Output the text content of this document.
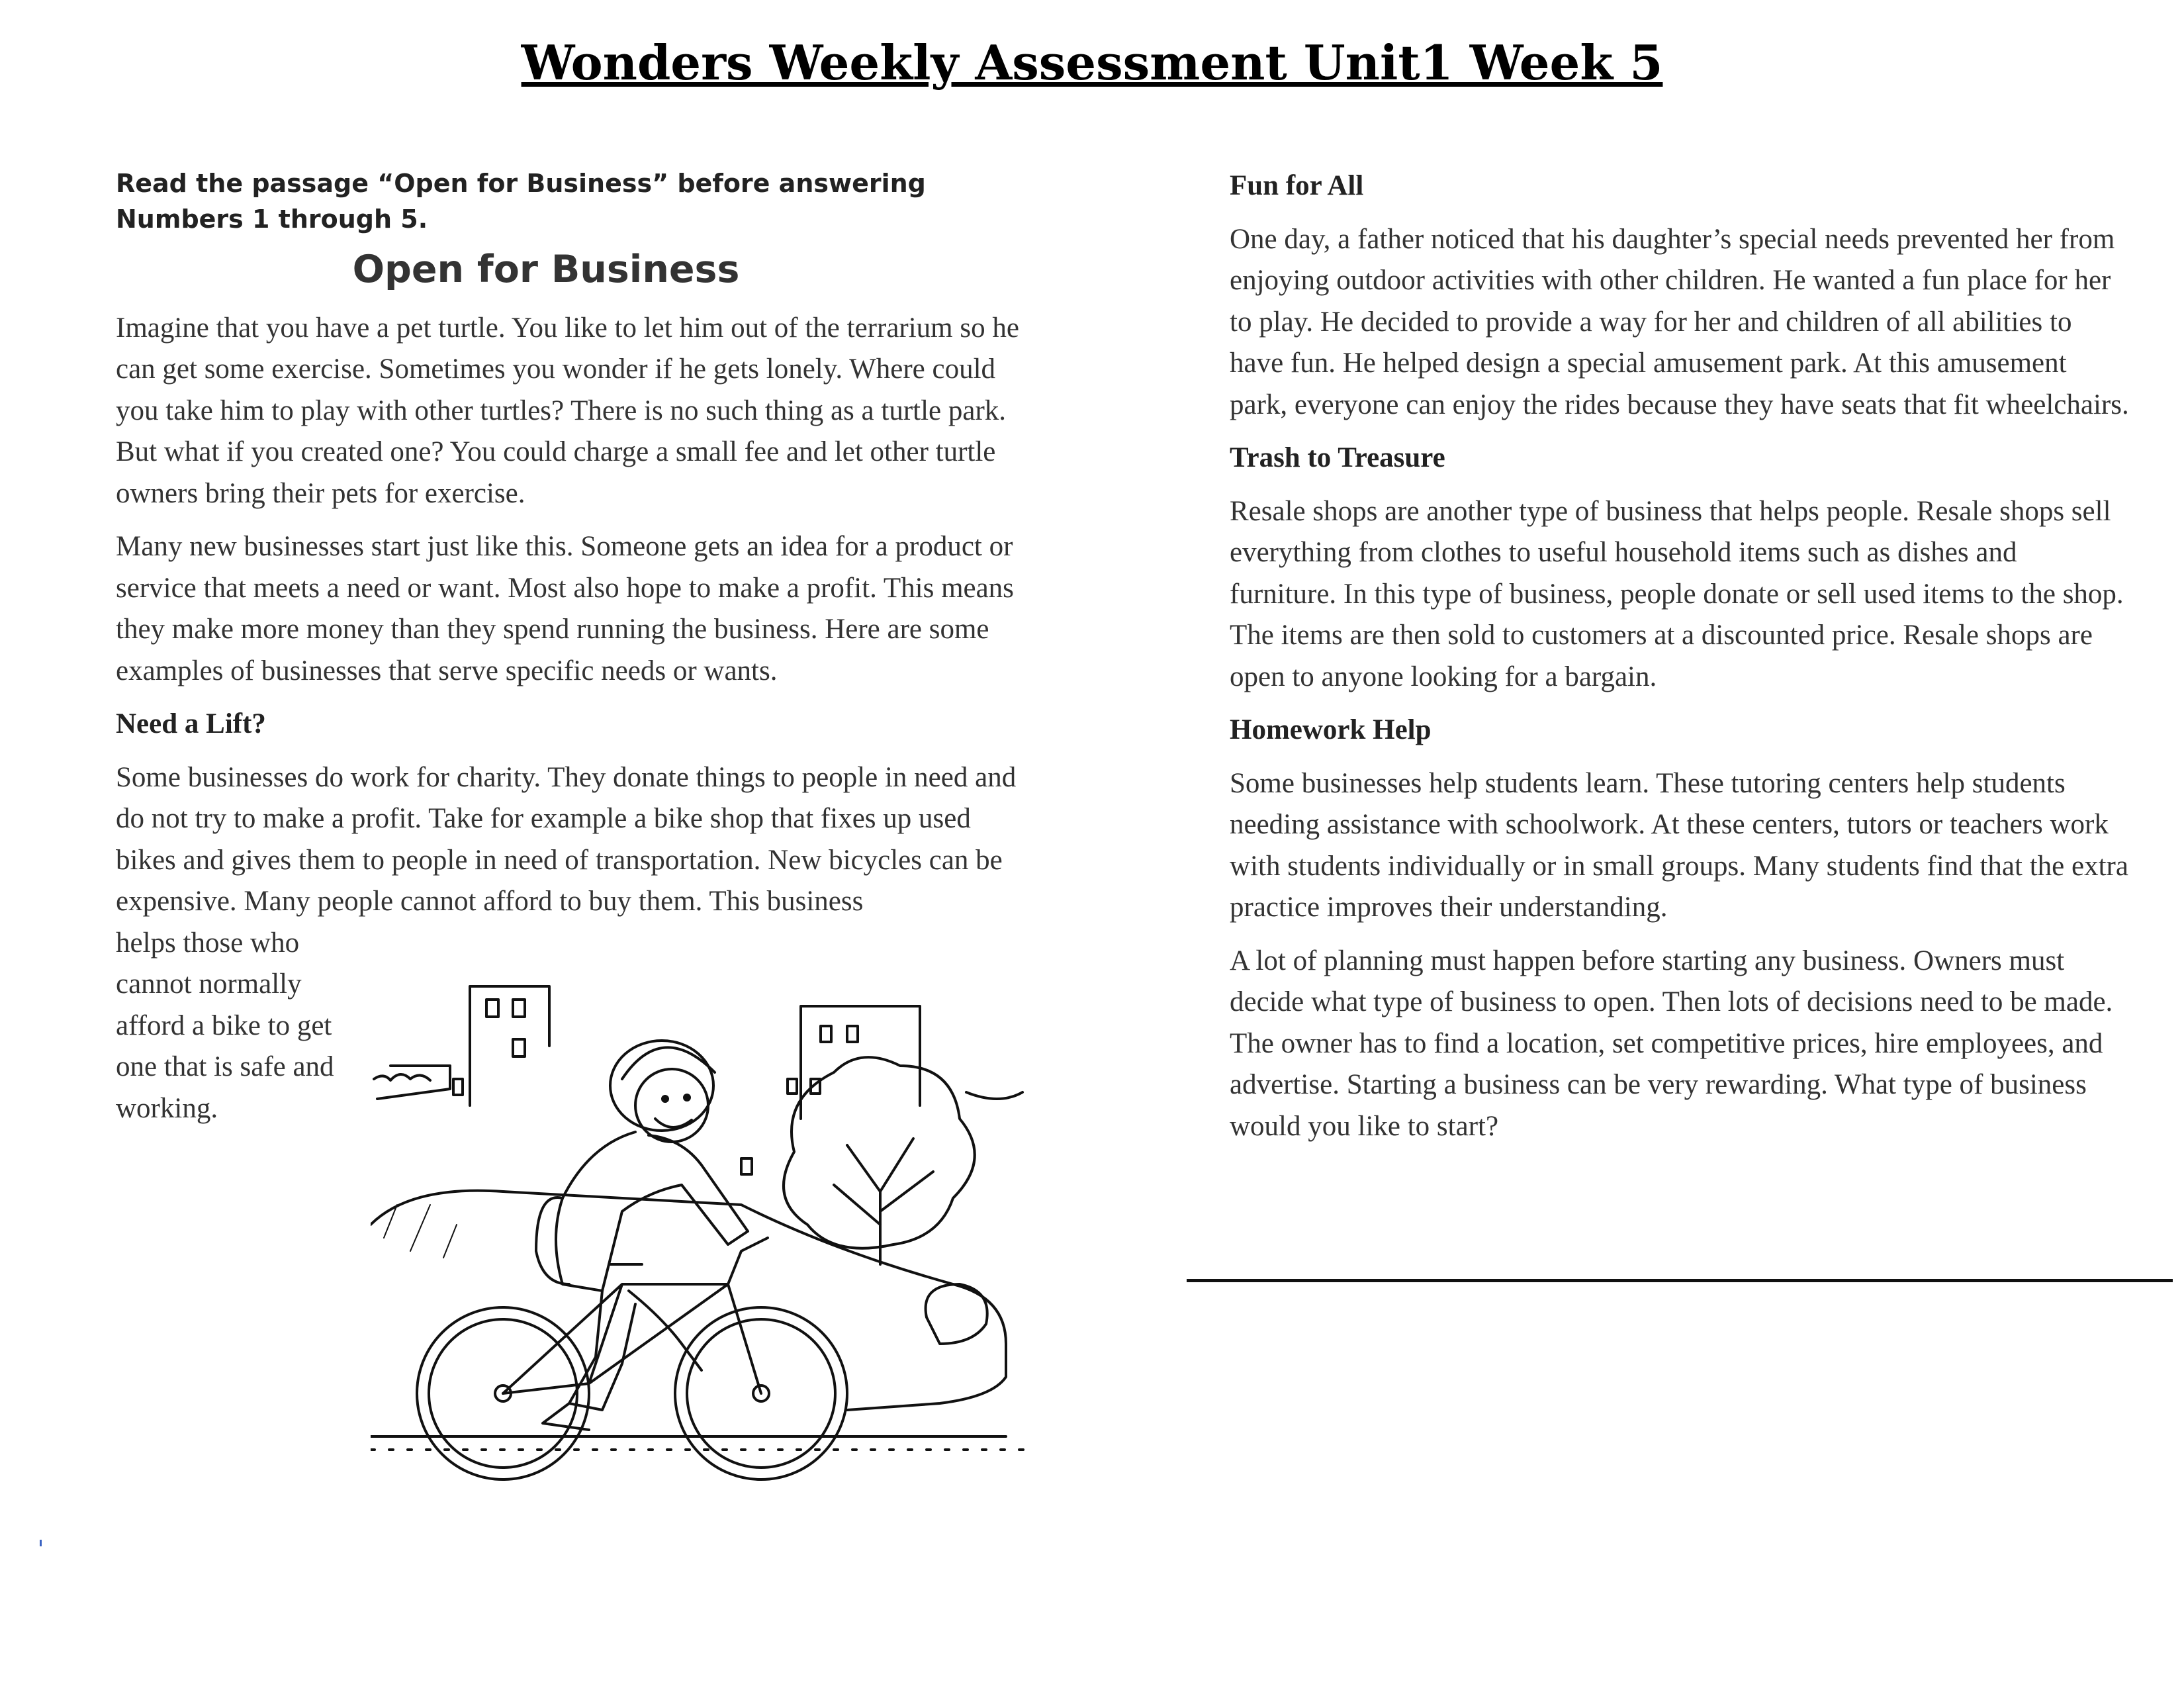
Wonders Weekly Assessment Unit1 Week 5

Read the passage “Open for Business” before answering Numbers 1 through 5.

Open for Business

Imagine that you have a pet turtle. You like to let him out of the terrarium so he can get some exercise. Sometimes you wonder if he gets lonely. Where could you take him to play with other turtles? There is no such thing as a turtle park. But what if you created one? You could charge a small fee and let other turtle owners bring their pets for exercise.

Many new businesses start just like this. Someone gets an idea for a product or service that meets a need or want. Most also hope to make a profit. This means they make more money than they spend running the business. Here are some examples of businesses that serve specific needs or wants.

Need a Lift?

Some businesses do work for charity. They donate things to people in need and do not try to make a profit. Take for example a bike shop that fixes up used bikes and gives them to people in need of transportation. New bicycles can be expensive. Many people cannot afford to buy them. This business

helps those who cannot normally afford a bike to get one that is safe and working.

Fun for All

One day, a father noticed that his daughter’s special needs prevented her from enjoying outdoor activities with other children. He wanted a fun place for her to play. He decided to provide a way for her and children of all abilities to have fun. He helped design a special amusement park. At this amusement park, everyone can enjoy the rides because they have seats that fit wheelchairs.

Trash to Treasure

Resale shops are another type of business that helps people. Resale shops sell everything from clothes to useful household items such as dishes and furniture. In this type of business, people donate or sell used items to the shop. The items are then sold to customers at a discounted price. Resale shops are open to anyone looking for a bargain.

Homework Help

Some businesses help students learn. These tutoring centers help students needing assistance with schoolwork. At these centers, tutors or teachers work with students individually or in small groups. Many students find that the extra practice improves their understanding.

A lot of planning must happen before starting any business. Owners must decide what type of business to open. Then lots of decisions need to be made. The owner has to find a location, set competitive prices, hire employees, and advertise. Starting a business can be very rewarding. What type of business would you like to start?
